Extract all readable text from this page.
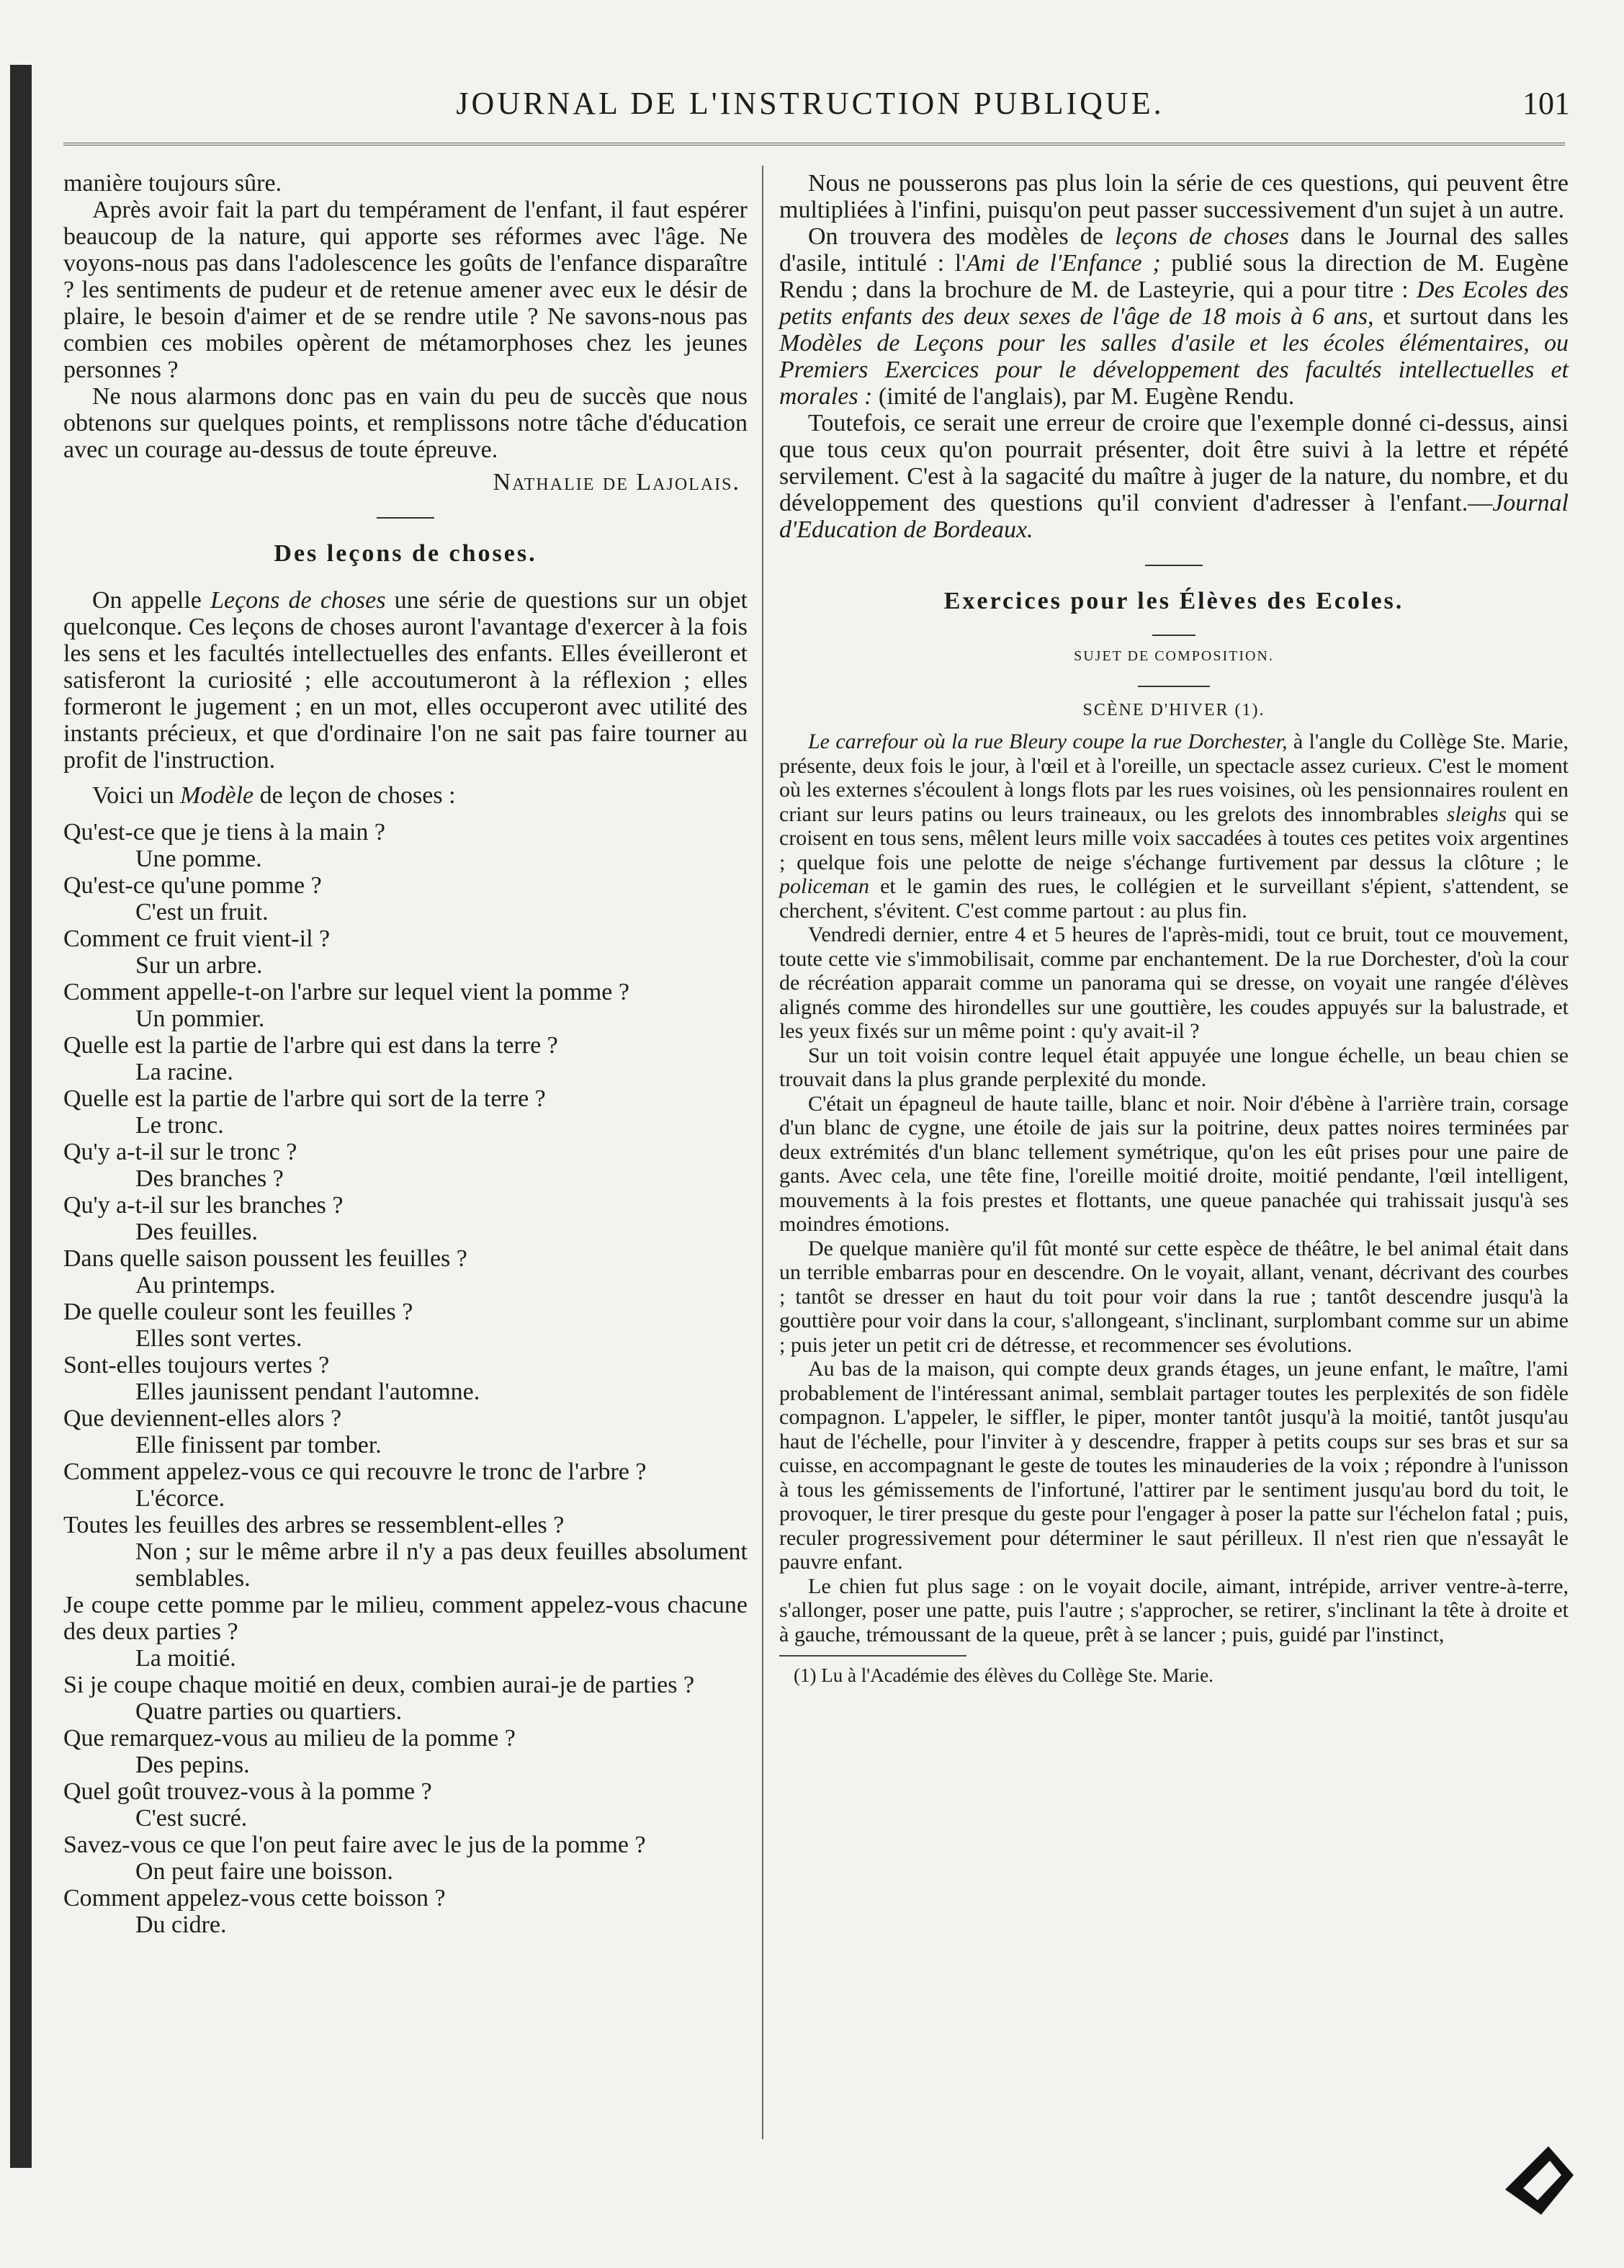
JOURNAL DE L'INSTRUCTION PUBLIQUE.	101

manière toujours sûre.

Après avoir fait la part du tempérament de l'enfant, il faut espérer beaucoup de la nature, qui apporte ses réformes avec l'âge. Ne voyons-nous pas dans l'adolescence les goûts de l'enfance disparaître ? les sentiments de pudeur et de retenue amener avec eux le désir de plaire, le besoin d'aimer et de se rendre utile ? Ne savons-nous pas combien ces mobiles opèrent de métamorphoses chez les jeunes personnes ?

Ne nous alarmons donc pas en vain du peu de succès que nous obtenons sur quelques points, et remplissons notre tâche d'éducation avec un courage au-dessus de toute épreuve.

Nathalie de Lajolais.

Des leçons de choses.

On appelle Leçons de choses une série de questions sur un objet quelconque. Ces leçons de choses auront l'avantage d'exercer à la fois les sens et les facultés intellectuelles des enfants. Elles éveilleront et satisferont la curiosité ; elle accoutumeront à la réflexion ; elles formeront le jugement ; en un mot, elles occuperont avec utilité des instants précieux, et que d'ordinaire l'on ne sait pas faire tourner au profit de l'instruction.

Voici un Modèle de leçon de choses :

Qu'est-ce que je tiens à la main ?

Une pomme.

Qu'est-ce qu'une pomme ?

C'est un fruit.

Comment ce fruit vient-il ?

Sur un arbre.

Comment appelle-t-on l'arbre sur lequel vient la pomme ?

Un pommier.

Quelle est la partie de l'arbre qui est dans la terre ?

La racine.

Quelle est la partie de l'arbre qui sort de la terre ?

Le tronc.

Qu'y a-t-il sur le tronc ?

Des branches ?

Qu'y a-t-il sur les branches ?

Des feuilles.

Dans quelle saison poussent les feuilles ?

Au printemps.

De quelle couleur sont les feuilles ?

Elles sont vertes.

Sont-elles toujours vertes ?

Elles jaunissent pendant l'automne.

Que deviennent-elles alors ?

Elle finissent par tomber.

Comment appelez-vous ce qui recouvre le tronc de l'arbre ?

L'écorce.

Toutes les feuilles des arbres se ressemblent-elles ?

Non ; sur le même arbre il n'y a pas deux feuilles absolument semblables.

Je coupe cette pomme par le milieu, comment appelez-vous chacune des deux parties ?

La moitié.

Si je coupe chaque moitié en deux, combien aurai-je de parties ?

Quatre parties ou quartiers.

Que remarquez-vous au milieu de la pomme ?

Des pepins.

Quel goût trouvez-vous à la pomme ?

C'est sucré.

Savez-vous ce que l'on peut faire avec le jus de la pomme ?

On peut faire une boisson.

Comment appelez-vous cette boisson ?

Du cidre.

Nous ne pousserons pas plus loin la série de ces questions, qui peuvent être multipliées à l'infini, puisqu'on peut passer successivement d'un sujet à un autre.

On trouvera des modèles de leçons de choses dans le Journal des salles d'asile, intitulé : l'Ami de l'Enfance ; publié sous la direction de M. Eugène Rendu ; dans la brochure de M. de Lasteyrie, qui a pour titre : Des Ecoles des petits enfants des deux sexes de l'âge de 18 mois à 6 ans, et surtout dans les Modèles de Leçons pour les salles d'asile et les écoles élémentaires, ou Premiers Exercices pour le développement des facultés intellectuelles et morales : (imité de l'anglais), par M. Eugène Rendu.

Toutefois, ce serait une erreur de croire que l'exemple donné ci-dessus, ainsi que tous ceux qu'on pourrait présenter, doit être suivi à la lettre et répété servilement. C'est à la sagacité du maître à juger de la nature, du nombre, et du développement des questions qu'il convient d'adresser à l'enfant.—Journal d'Education de Bordeaux.

Exercices pour les Élèves des Ecoles.
SUJET DE COMPOSITION.
SCÈNE D'HIVER (1).

Le carrefour où la rue Bleury coupe la rue Dorchester, à l'angle du Collège Ste. Marie, présente, deux fois le jour, à l'œil et à l'oreille, un spectacle assez curieux. C'est le moment où les externes s'écoulent à longs flots par les rues voisines, où les pensionnaires roulent en criant sur leurs patins ou leurs traineaux, ou les grelots des innombrables sleighs qui se croisent en tous sens, mêlent leurs mille voix saccadées à toutes ces petites voix argentines ; quelque fois une pelotte de neige s'échange furtivement par dessus la clôture ; le policeman et le gamin des rues, le collégien et le surveillant s'épient, s'attendent, se cherchent, s'évitent. C'est comme partout : au plus fin.

Vendredi dernier, entre 4 et 5 heures de l'après-midi, tout ce bruit, tout ce mouvement, toute cette vie s'immobilisait, comme par enchantement. De la rue Dorchester, d'où la cour de récréation apparait comme un panorama qui se dresse, on voyait une rangée d'élèves alignés comme des hirondelles sur une gouttière, les coudes appuyés sur la balustrade, et les yeux fixés sur un même point : qu'y avait-il ?

Sur un toit voisin contre lequel était appuyée une longue échelle, un beau chien se trouvait dans la plus grande perplexité du monde.

C'était un épagneul de haute taille, blanc et noir. Noir d'ébène à l'arrière train, corsage d'un blanc de cygne, une étoile de jais sur la poitrine, deux pattes noires terminées par deux extrémités d'un blanc tellement symétrique, qu'on les eût prises pour une paire de gants. Avec cela, une tête fine, l'oreille moitié droite, moitié pendante, l'œil intelligent, mouvements à la fois prestes et flottants, une queue panachée qui trahissait jusqu'à ses moindres émotions.

De quelque manière qu'il fût monté sur cette espèce de théâtre, le bel animal était dans un terrible embarras pour en descendre. On le voyait, allant, venant, décrivant des courbes ; tantôt se dresser en haut du toit pour voir dans la rue ; tantôt descendre jusqu'à la gouttière pour voir dans la cour, s'allongeant, s'inclinant, surplombant comme sur un abime ; puis jeter un petit cri de détresse, et recommencer ses évolutions.

Au bas de la maison, qui compte deux grands étages, un jeune enfant, le maître, l'ami probablement de l'intéressant animal, semblait partager toutes les perplexités de son fidèle compagnon. L'appeler, le siffler, le piper, monter tantôt jusqu'à la moitié, tantôt jusqu'au haut de l'échelle, pour l'inviter à y descendre, frapper à petits coups sur ses bras et sur sa cuisse, en accompagnant le geste de toutes les minauderies de la voix ; répondre à l'unisson à tous les gémissements de l'infortuné, l'attirer par le sentiment jusqu'au bord du toit, le provoquer, le tirer presque du geste pour l'engager à poser la patte sur l'échelon fatal ; puis, reculer progressivement pour déterminer le saut périlleux. Il n'est rien que n'essayât le pauvre enfant.

Le chien fut plus sage : on le voyait docile, aimant, intrépide, arriver ventre-à-terre, s'allonger, poser une patte, puis l'autre ; s'approcher, se retirer, s'inclinant la tête à droite et à gauche, trémoussant de la queue, prêt à se lancer ; puis, guidé par l'instinct,

(1) Lu à l'Académie des élèves du Collège Ste. Marie.
